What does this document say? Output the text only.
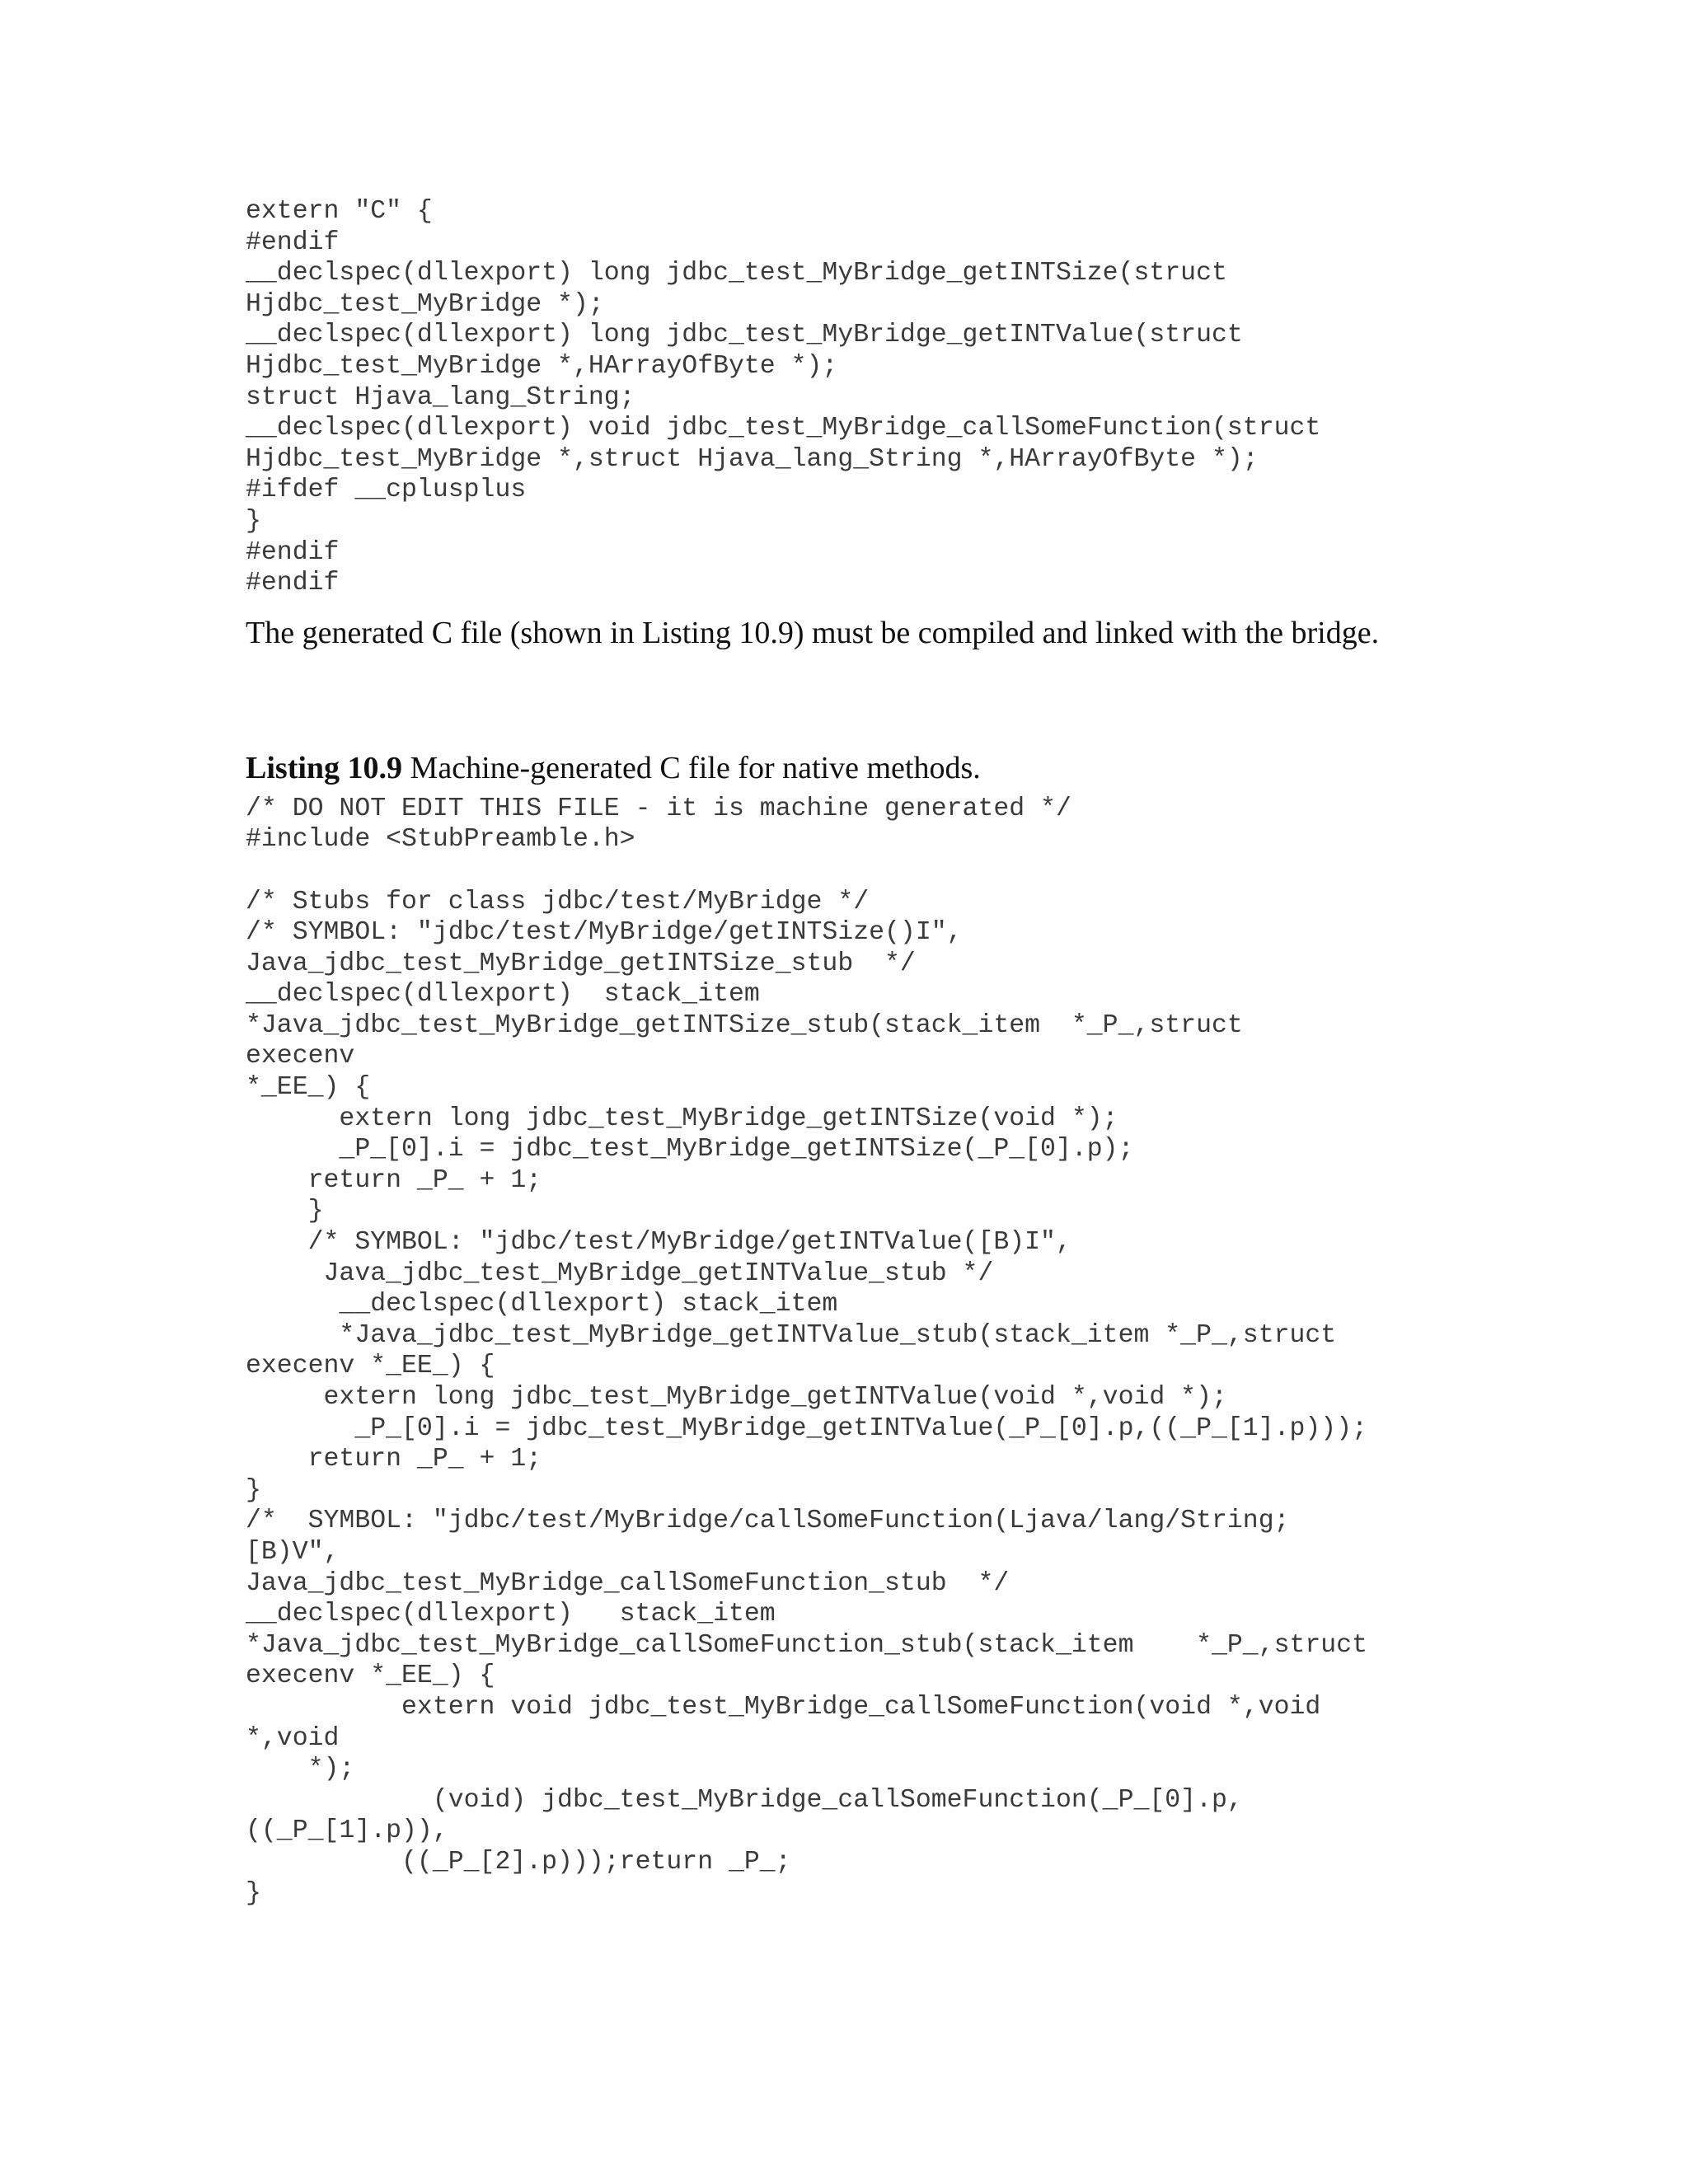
extern "C" {
#endif
__declspec(dllexport) long jdbc_test_MyBridge_getINTSize(struct
Hjdbc_test_MyBridge *);
__declspec(dllexport) long jdbc_test_MyBridge_getINTValue(struct
Hjdbc_test_MyBridge *,HArrayOfByte *);
struct Hjava_lang_String;
__declspec(dllexport) void jdbc_test_MyBridge_callSomeFunction(struct
Hjdbc_test_MyBridge *,struct Hjava_lang_String *,HArrayOfByte *);
#ifdef __cplusplus
}
#endif
#endif

The generated C file (shown in Listing 10.9) must be compiled and linked with the bridge.

Listing 10.9 Machine-generated C file for native methods.

/* DO NOT EDIT THIS FILE - it is machine generated */
#include <StubPreamble.h>

/* Stubs for class jdbc/test/MyBridge */
/* SYMBOL: "jdbc/test/MyBridge/getINTSize()I",
Java_jdbc_test_MyBridge_getINTSize_stub  */
__declspec(dllexport)  stack_item
*Java_jdbc_test_MyBridge_getINTSize_stub(stack_item  *_P_,struct
execenv
*_EE_) {
extern long jdbc_test_MyBridge_getINTSize(void *);
_P_[0].i = jdbc_test_MyBridge_getINTSize(_P_[0].p);
return _P_ + 1;
}
/* SYMBOL: "jdbc/test/MyBridge/getINTValue([B)I",
Java_jdbc_test_MyBridge_getINTValue_stub */
__declspec(dllexport) stack_item
*Java_jdbc_test_MyBridge_getINTValue_stub(stack_item *_P_,struct
execenv *_EE_) {
extern long jdbc_test_MyBridge_getINTValue(void *,void *);
_P_[0].i = jdbc_test_MyBridge_getINTValue(_P_[0].p,((_P_[1].p)));
return _P_ + 1;
}
/*  SYMBOL: "jdbc/test/MyBridge/callSomeFunction(Ljava/lang/String;
[B)V",
Java_jdbc_test_MyBridge_callSomeFunction_stub  */
__declspec(dllexport)   stack_item
*Java_jdbc_test_MyBridge_callSomeFunction_stub(stack_item    *_P_,struct
execenv *_EE_) {
extern void jdbc_test_MyBridge_callSomeFunction(void *,void
*,void
*);
(void) jdbc_test_MyBridge_callSomeFunction(_P_[0].p,
((_P_[1].p)),
((_P_[2].p)));return _P_;
}
